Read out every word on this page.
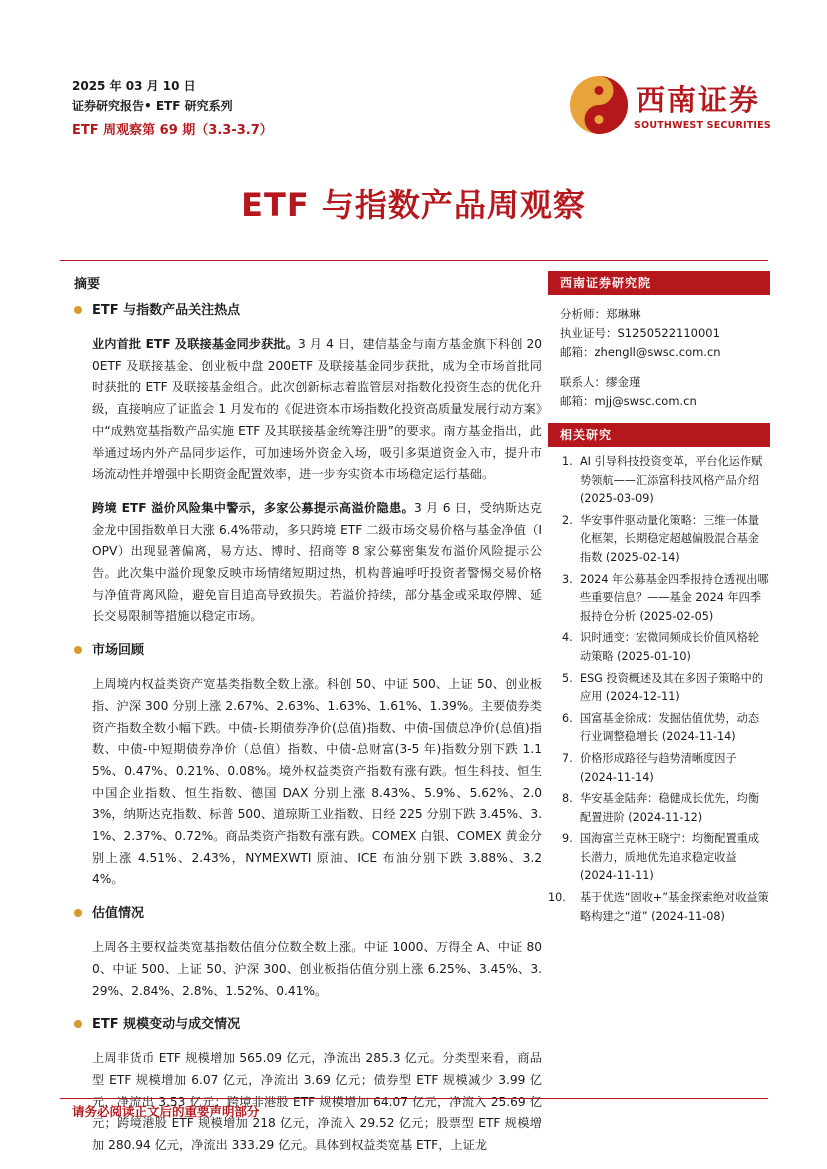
2025 年 03 月 10 日
证券研究报告• ETF 研究系列
ETF 周观察第 69 期（3.3-3.7）
西南证券
SOUTHWEST SECURITIES
ETF 与指数产品周观察
摘要
ETF 与指数产品关注热点

业内首批 ETF 及联接基金同步获批。3 月 4 日，建信基金与南方基金旗下科创 200ETF 及联接基金、创业板中盘 200ETF 及联接基金同步获批，成为全市场首批同时获批的 ETF 及联接基金组合。此次创新标志着监管层对指数化投资生态的优化升级，直接响应了证监会 1 月发布的《促进资本市场指数化投资高质量发展行动方案》中“成熟宽基指数产品实施 ETF 及其联接基金统筹注册”的要求。南方基金指出，此举通过场内外产品同步运作，可加速场外资金入场，吸引多渠道资金入市，提升市场流动性并增强中长期资金配置效率，进一步夯实资本市场稳定运行基础。

跨境 ETF 溢价风险集中警示，多家公募提示高溢价隐患。3 月 6 日，受纳斯达克金龙中国指数单日大涨 6.4%带动，多只跨境 ETF 二级市场交易价格与基金净值（IOPV）出现显著偏离，易方达、博时、招商等 8 家公募密集发布溢价风险提示公告。此次集中溢价现象反映市场情绪短期过热，机构普遍呼吁投资者警惕交易价格与净值背离风险，避免盲目追高导致损失。若溢价持续，部分基金或采取停牌、延长交易限制等措施以稳定市场。

市场回顾

上周境内权益类资产宽基类指数全数上涨。科创 50、中证 500、上证 50、创业板指、沪深 300 分别上涨 2.67%、2.63%、1.63%、1.61%、1.39%。主要债券类资产指数全数小幅下跌。中债-长期债券净价(总值)指数、中债-国债总净价(总值)指数、中债-中短期债券净价（总值）指数、中债-总财富(3-5 年)指数分别下跌 1.15%、0.47%、0.21%、0.08%。境外权益类资产指数有涨有跌。恒生科技、恒生中国企业指数、恒生指数、德国 DAX 分别上涨 8.43%、5.9%、5.62%、2.03%，纳斯达克指数、标普 500、道琼斯工业指数、日经 225 分别下跌 3.45%、3.1%、2.37%、0.72%。商品类资产指数有涨有跌。COMEX 白银、COMEX 黄金分别上涨 4.51%、2.43%，NYMEXWTI 原油、ICE 布油分别下跌 3.88%、3.24%。

估值情况

上周各主要权益类宽基指数估值分位数全数上涨。中证 1000、万得全 A、中证 800、中证 500、上证 50、沪深 300、创业板指估值分别上涨 6.25%、3.45%、3.29%、2.84%、2.8%、1.52%、0.41%。

ETF 规模变动与成交情况

上周非货币 ETF 规模增加 565.09 亿元，净流出 285.3 亿元。分类型来看，商品型 ETF 规模增加 6.07 亿元，净流出 3.69 亿元；债券型 ETF 规模减少 3.99 亿元，净流出 3.53 亿元；跨境非港股 ETF 规模增加 64.07 亿元，净流入 25.69 亿元；跨境港股 ETF 规模增加 218 亿元，净流入 29.52 亿元；股票型 ETF 规模增加 280.94 亿元，净流出 333.29 亿元。具体到权益类宽基 ETF，上证龙

西南证券研究院
分析师：郑琳琳
执业证号：S1250522110001
邮箱：zhengll@swsc.com.cn
联系人：缪金瑾
邮箱：mjj@swsc.com.cn
相关研究
1. AI 引导科技投资变革，平台化运作赋势领航——汇添富科技风格产品介绍 (2025-03-09)
2. 华安事件驱动量化策略：三维一体量化框架，长期稳定超越偏股混合基金指数 (2025-02-14)
3. 2024 年公募基金四季报持仓透视出哪些重要信息？——基金 2024 年四季报持仓分析 (2025-02-05)
4. 识时通变：宏微同频成长价值风格轮动策略 (2025-01-10)
5. ESG 投资概述及其在多因子策略中的应用 (2024-12-11)
6. 国富基金徐成：发掘估值优势，动态行业调整稳增长 (2024-11-14)
7. 价格形成路径与趋势清晰度因子 (2024-11-14)
8. 华安基金陆奔：稳健成长优先，均衡配置进阶 (2024-11-12)
9. 国海富兰克林王晓宁：均衡配置重成长潜力，质地优先追求稳定收益 (2024-11-11)
10. 基于优选“固收+”基金探索绝对收益策略构建之“道” (2024-11-08)
请务必阅读正文后的重要声明部分
